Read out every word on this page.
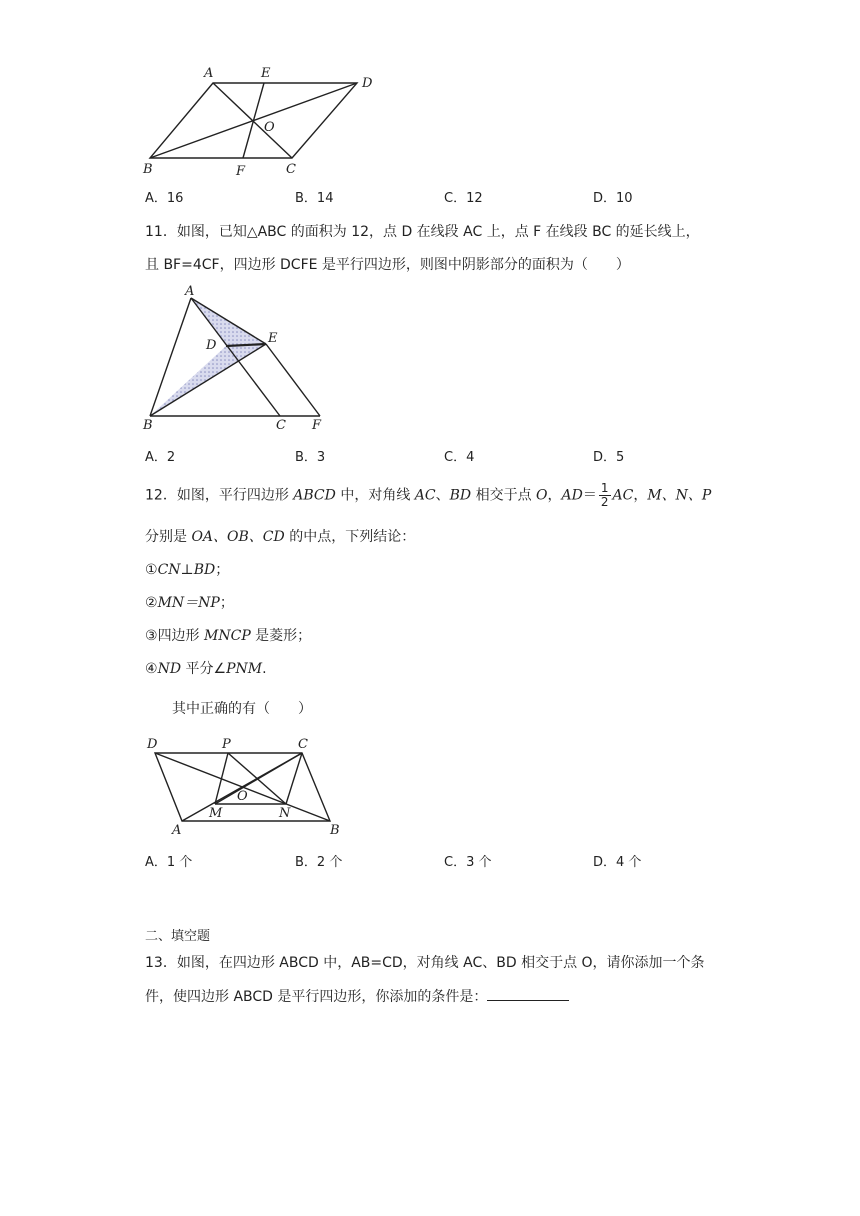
A	E
D
O
B	F	C
A．16	B．14	C．12	D．10
11．如图，已知△ABC 的面积为 12，点 D 在线段 AC 上，点 F 在线段 BC 的延长线上，
且 BF=4CF，四边形 DCFE 是平行四边形，则图中阴影部分的面积为（　　）
A
D	E
B	C F
A．2	B．3	C．4	D．5
12．如图，平行四边形 ABCD 中，对角线 AC、BD 相交于点 O，$AD= \frac{1}{2}$ AC，M、N、P
分别是 OA、OB、CD 的中点，下列结论：
①CN⊥BD；
②MN＝NP；
③四边形 MNCP 是菱形；
④ND 平分∠PNM.
其中正确的有（　　）
D	P	C
O
M	N
A	B
A．1 个	B．2 个	C．3 个	D．4 个
二、填空题
13．如图，在四边形 ABCD 中，AB=CD，对角线 AC、BD 相交于点 O，请你添加一个条
件，使四边形 ABCD 是平行四边形，你添加的条件是：
